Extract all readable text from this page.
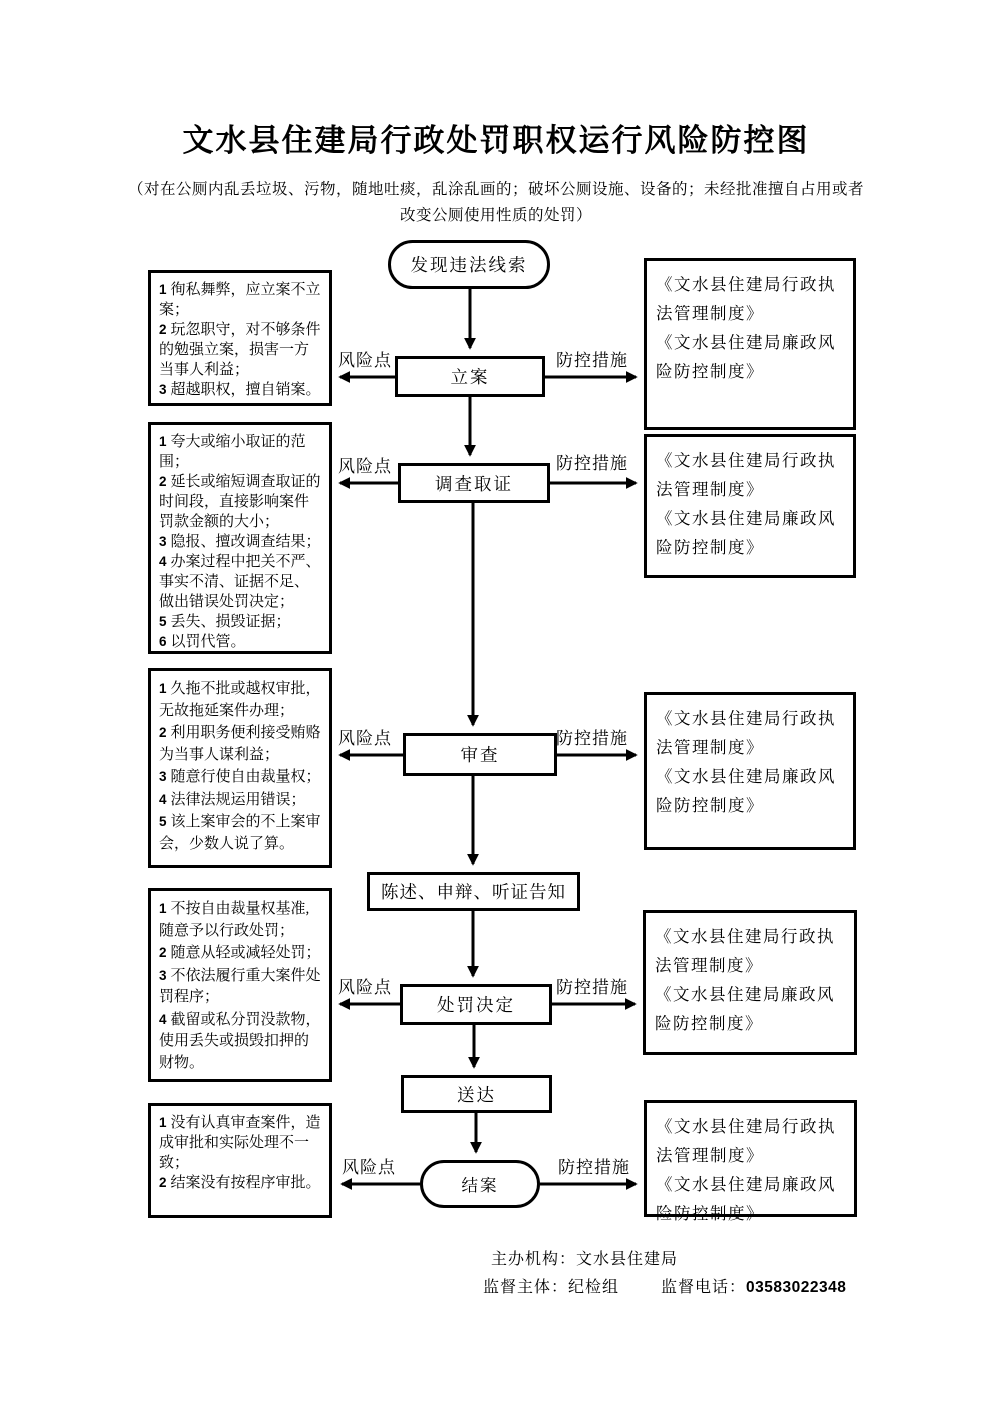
文水县住建局行政处罚职权运行风险防控图
（对在公厕内乱丢垃圾、污物，随地吐痰，乱涂乱画的；破坏公厕设施、设备的；未经批准擅自占用或者
改变公厕使用性质的处罚）
发现违法线索
立案
调查取证
审查
陈述、申辩、听证告知
处罚决定
送达
结案
风险点	防控措施
风险点	防控措施
风险点	防控措施
风险点	防控措施
风险点	防控措施
1 徇私舞弊，应立案不立案；
2 玩忽职守，对不够条件的勉强立案，损害一方当事人利益；
3 超越职权，擅自销案。
1 夸大或缩小取证的范围；
2 延长或缩短调查取证的时间段，直接影响案件罚款金额的大小；
3 隐报、擅改调查结果；
4 办案过程中把关不严、事实不清、证据不足、做出错误处罚决定；
5 丢失、损毁证据；
6 以罚代管。
1 久拖不批或越权审批，无故拖延案件办理；
2 利用职务便利接受贿赂为当事人谋利益；
3 随意行使自由裁量权；
4 法律法规运用错误；
5 该上案审会的不上案审会，少数人说了算。
1 不按自由裁量权基准,随意予以行政处罚；
2 随意从轻或减轻处罚；
3 不依法履行重大案件处罚程序；
4 截留或私分罚没款物，使用丢失或损毁扣押的财物。
1 没有认真审查案件，造成审批和实际处理不一致；
2 结案没有按程序审批。
《文水县住建局行政执法管理制度》
《文水县住建局廉政风险防控制度》
《文水县住建局行政执法管理制度》
《文水县住建局廉政风险防控制度》
《文水县住建局行政执法管理制度》
《文水县住建局廉政风险防控制度》
《文水县住建局行政执法管理制度》
《文水县住建局廉政风险防控制度》
《文水县住建局行政执法管理制度》
《文水县住建局廉政风险防控制度》
主办机构：文水县住建局
监督主体：纪检组	监督电话：03583022348
